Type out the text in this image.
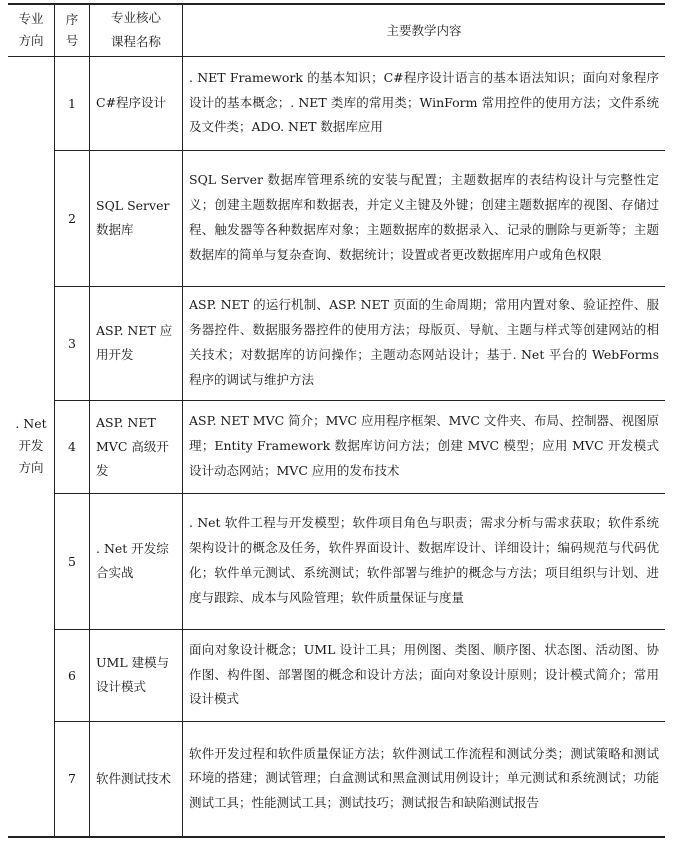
专业
方向	序号	专业核心
课程名称	主要教学内容
. Net
开发
方向	1	C#程序设计	. NET Framework 的基本知识；C#程序设计语言的基本语法知识；面向对象程序设计的基本概念；. NET 类库的常用类；WinForm 常用控件的使用方法；文件系统及文件类；ADO. NET 数据库应用
	2	SQL Server 数据库	SQL Server 数据库管理系统的安装与配置；主题数据库的表结构设计与完整性定义；创建主题数据库和数据表，并定义主键及外键；创建主题数据库的视图、存储过程、触发器等各种数据库对象；主题数据库的数据录入、记录的删除与更新等；主题数据库的简单与复杂查询、数据统计；设置或者更改数据库用户或角色权限
	3	ASP. NET 应用开发	ASP. NET 的运行机制、ASP. NET 页面的生命周期；常用内置对象、验证控件、服务器控件、数据服务器控件的使用方法；母版页、导航、主题与样式等创建网站的相关技术；对数据库的访问操作；主题动态网站设计；基于. Net 平台的 WebForms 程序的调试与维护方法
	4	ASP. NET
MVC 高级开发	ASP. NET MVC 简介；MVC 应用程序框架、MVC 文件夹、布局、控制器、视图原理；Entity Framework 数据库访问方法；创建 MVC 模型；应用 MVC 开发模式设计动态网站；MVC 应用的发布技术
	5	. Net 开发综合实战	. Net 软件工程与开发模型；软件项目角色与职责；需求分析与需求获取；软件系统架构设计的概念及任务，软件界面设计、数据库设计、详细设计；编码规范与代码优化；软件单元测试、系统测试；软件部署与维护的概念与方法；项目组织与计划、进度与跟踪、成本与风险管理；软件质量保证与度量
	6	UML 建模与设计模式	面向对象设计概念；UML 设计工具；用例图、类图、顺序图、状态图、活动图、协作图、构件图、部署图的概念和设计方法；面向对象设计原则；设计模式简介；常用设计模式
	7	软件测试技术	软件开发过程和软件质量保证方法；软件测试工作流程和测试分类；测试策略和测试环境的搭建；测试管理；白盒测试和黑盒测试用例设计；单元测试和系统测试；功能测试工具；性能测试工具；测试技巧；测试报告和缺陷测试报告
